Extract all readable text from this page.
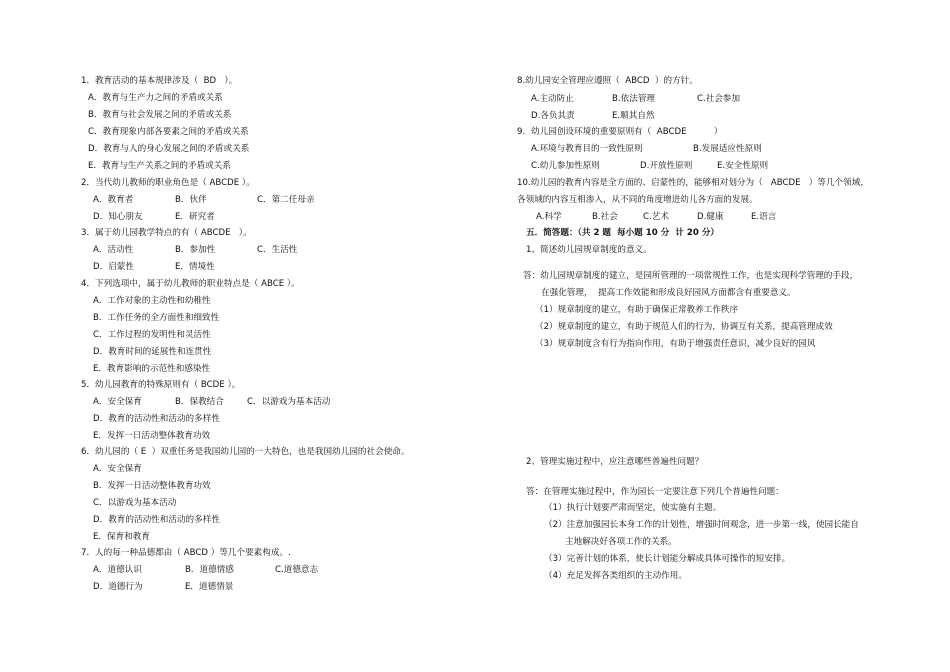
1．教育活动的基本规律涉及（  BD   ）。
A．教育与生产力之间的矛盾或关系
B．教育与社会发展之间的矛盾或关系
C．教育现象内部各要素之间的矛盾或关系
D．教育与人的身心发展之间的矛盾或关系
E．教育与生产关系之间的矛盾或关系
2．当代幼儿教师的职业角色是（ ABCDE ）。
A．教育者	B．伙伴	C．第二任母亲
D．知心朋友	E．研究者
3．属于幼儿园教学特点的有（ ABCDE   ）。
A．活动性	B．参加性	C．生活性
D．启蒙性	E．情境性
4．下列选项中，属于幼儿教师的职业特点是（ ABCE ）。
A．工作对象的主动性和幼稚性
B．工作任务的全方面性和细致性
C．工作过程的发明性和灵活性
D．教育时间的延展性和连贯性
E．教育影响的示范性和感染性
5．幼儿园教育的特殊原则有（ BCDE ）。
A．安全保育	B．保教结合	C．以游戏为基本活动
D．教育的活动性和活动的多样性
E．发挥一日活动整体教育功效
6．幼儿园的（ E  ）双重任务是我国幼儿园的一大特色，也是我国幼儿园的社会使命。
A．安全保育
B．发挥一日活动整体教育功效
C．以游戏为基本活动
D．教育的活动性和活动的多样性
E．保育和教育
7．人的每一种品德都由（ ABCD ）等几个要素构成。.
A．道德认识	B．道德情感	C.道德意志
D．道德行为	E．道德情景
8.幼儿园安全管理应遵照（  ABCD  ）的方针。
A.主动防止	B.依法管理	C.社会参加
D.各负其责	E.顺其自然
9．幼儿园创设环境的重要原则有（  ABCDE          ）
A.环境与教育目的一致性原则	B.发展适应性原则
C.幼儿参加性原则	D.开放性原则	E.安全性原则
10.幼儿园的教育内容是全方面的、启蒙性的，能够相对划分为（   ABCDE   ）等几个领域，
各领域的内容互相渗入，从不同的角度增进幼儿各方面的发展。
A.科学	B.社会	C.艺术	D.健康	E.语言
五．简答题：（共 2 题  每小题 10 分  计 20 分）
1、简述幼儿园规章制度的意义。
答：幼儿园规章制度的建立，是园所管理的一项常规性工作，也是实现科学管理的手段，
在强化管理，  提高工作效能和形成良好园风方面都含有重要意义。
（1）规章制度的建立，有助于确保正常教养工作秩序
（2）规章制度的建立，有助于规范人们的行为，协调互有关系，提高管理成效
（3）规章制度含有行为指向作用，有助于增强责任意识，减少良好的园风
2、管理实施过程中，应注意哪些普遍性问题？
答：在管理实施过程中，作为园长一定要注意下列几个普遍性问题：
（1）执行计划要严肃而坚定，使实施有主题。
（2）注意加强园长本身工作的计划性，增强时间观念，进一步第一线，使园长能自
主地解决好各项工作的关系。
（3）完善计划的体系，使长计划能分解成具体可操作的短安排。
（4）充足发挥各类组织的主动作用。
